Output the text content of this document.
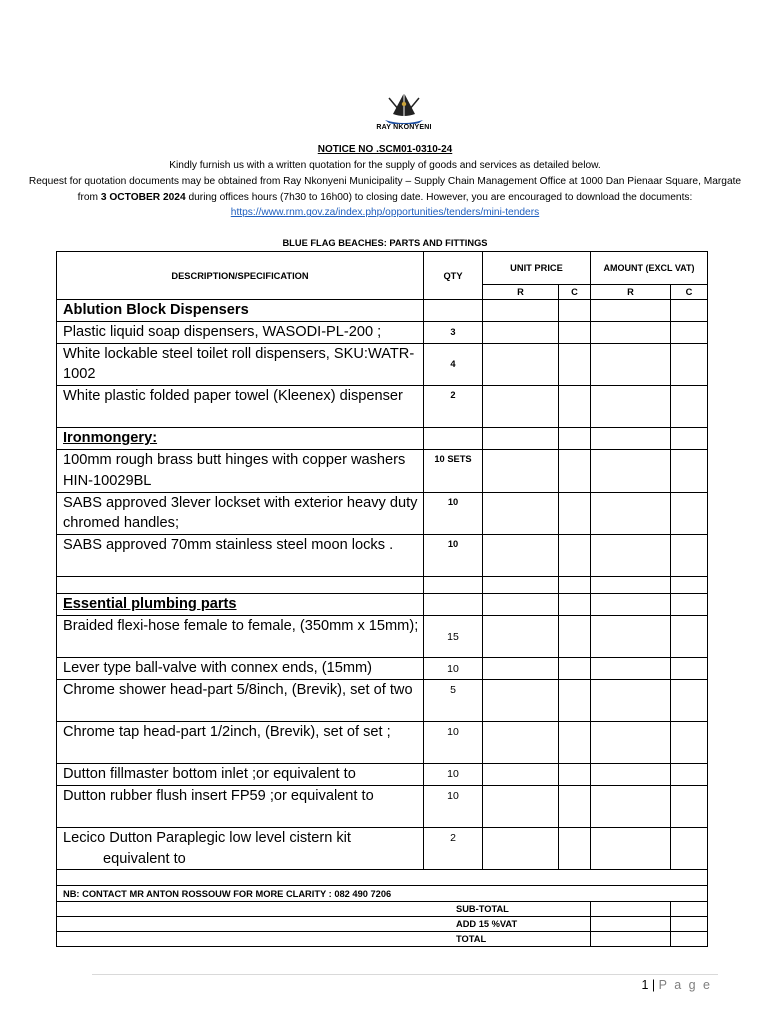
RAY NKONYENI
NOTICE NO .SCM01-0310-24
Kindly furnish us with a written quotation for the supply of goods and services as detailed below.
Request for quotation documents may be obtained from Ray Nkonyeni Municipality – Supply Chain Management Office at 1000 Dan Pienaar Square, Margate from 3 OCTOBER 2024 during offices hours (7h30 to 16h00) to closing date. However, you are encouraged to download the documents: https://www.rnm.gov.za/index.php/opportunities/tenders/mini-tenders
BLUE FLAG BEACHES: PARTS AND FITTINGS
DESCRIPTION/SPECIFICATION	QTY	UNIT PRICE		AMOUNT (EXCL VAT)	
		R	C	R	C
Ablution Block Dispensers					
Plastic liquid soap dispensers, WASODI-PL-200 ;	3				
White lockable steel toilet roll dispensers, SKU:WATR-1002	4				
White plastic folded paper towel (Kleenex) dispenser	2				
Ironmongery:					
100mm rough brass butt hinges with copper washers HIN-10029BL	10 SETS				
SABS approved 3lever lockset with exterior heavy duty chromed handles;	10				
SABS approved 70mm stainless steel moon locks .	10				

Essential plumbing parts					
Braided flexi-hose female to female, (350mm x 15mm);	15				
Lever type ball-valve with connex ends, (15mm)	10				
Chrome shower head-part 5/8inch, (Brevik), set of two	5				
Chrome tap head-part 1/2inch, (Brevik), set of set ;	10				
Dutton fillmaster bottom inlet ;or equivalent to	10				
Dutton rubber flush insert FP59 ;or equivalent to	10				
Lecico Dutton Paraplegic low level cistern kit
equivalent to	2				

NB: CONTACT MR ANTON ROSSOUW FOR MORE CLARITY : 082 490 7206					
SUB-TOTAL					
ADD 15 %VAT					
TOTAL					
1 | P a g e
